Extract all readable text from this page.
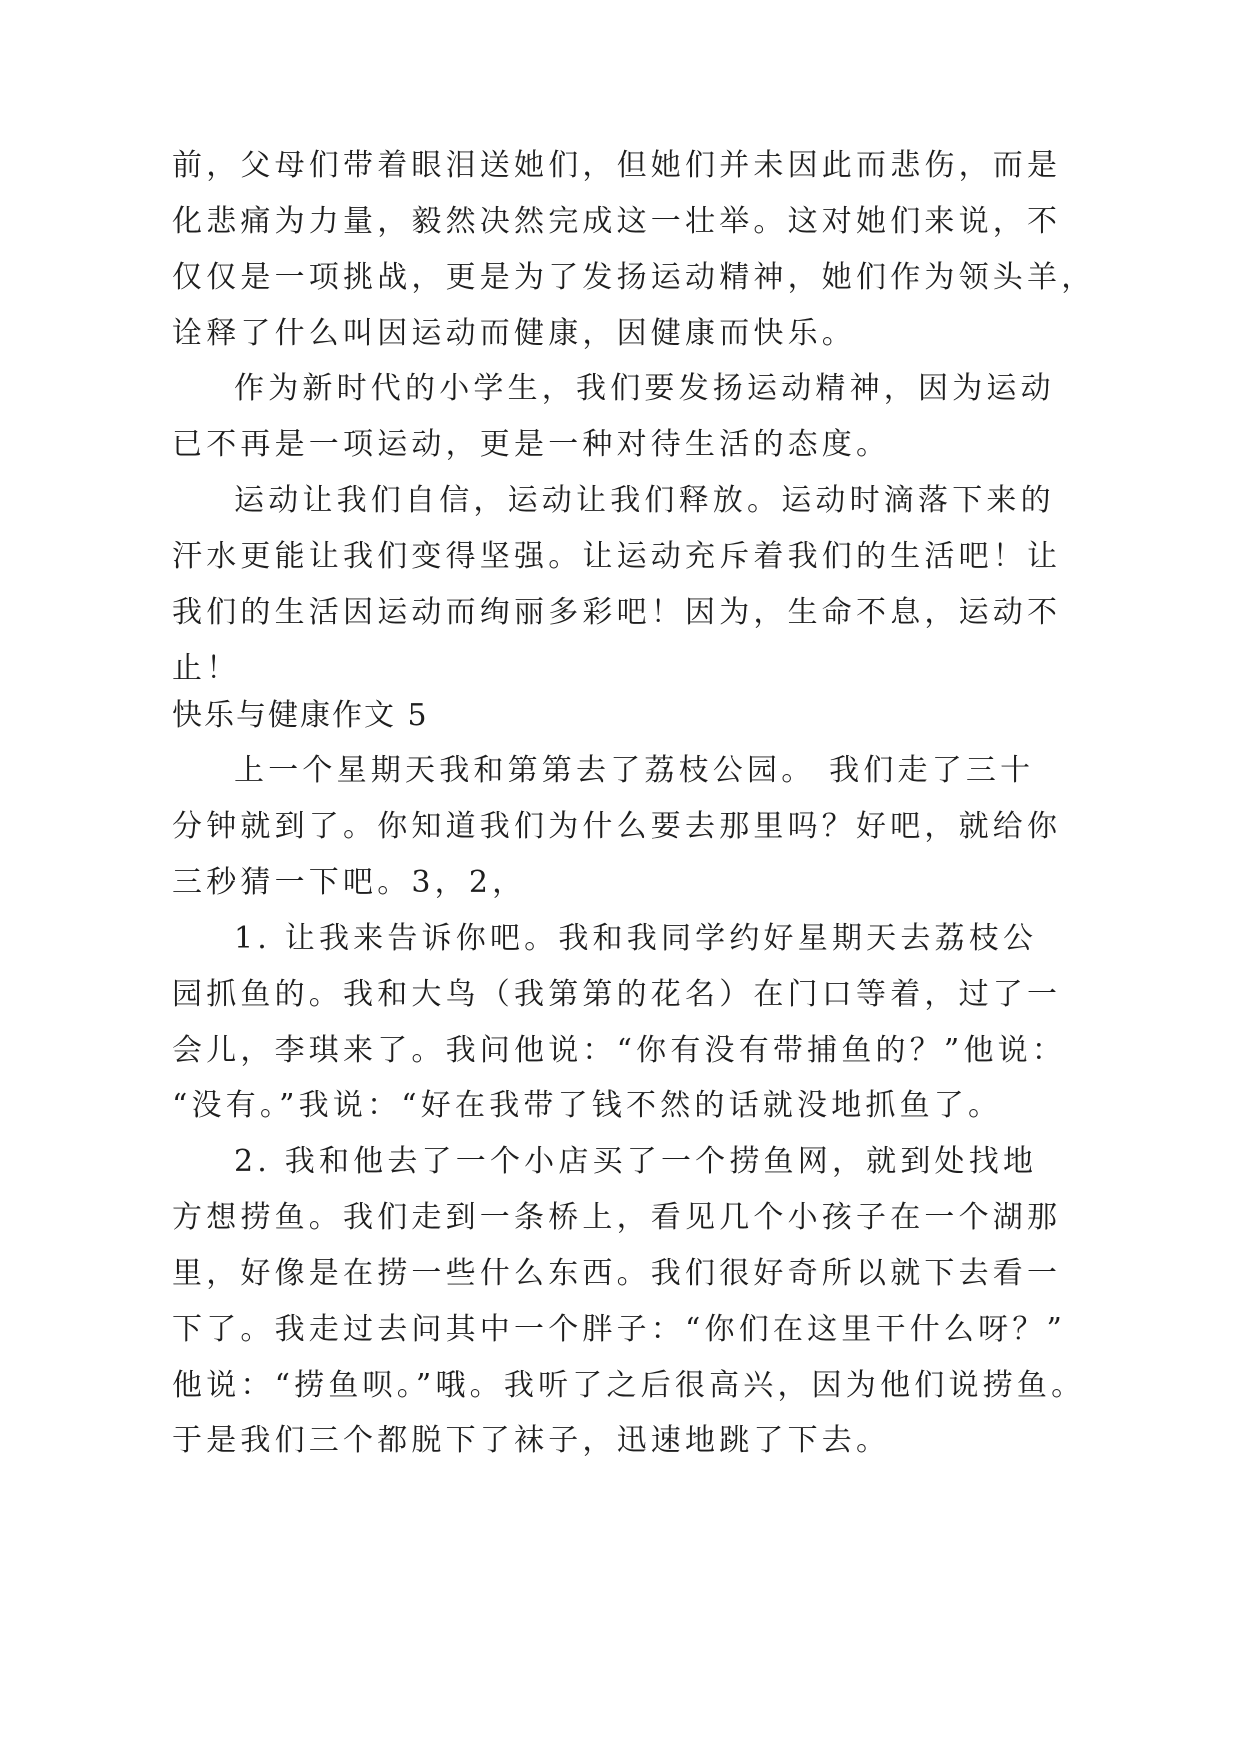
前，父母们带着眼泪送她们，但她们并未因此而悲伤，而是
化悲痛为力量，毅然决然完成这一壮举。这对她们来说，不
仅仅是一项挑战，更是为了发扬运动精神，她们作为领头羊，
诠释了什么叫因运动而健康，因健康而快乐。
作为新时代的小学生，我们要发扬运动精神，因为运动
已不再是一项运动，更是一种对待生活的态度。
运动让我们自信，运动让我们释放。运动时滴落下来的
汗水更能让我们变得坚强。让运动充斥着我们的生活吧！让
我们的生活因运动而绚丽多彩吧！因为，生命不息，运动不
止！
快乐与健康作文 5
上一个星期天我和第第去了荔枝公园。 我们走了三十
分钟就到了。你知道我们为什么要去那里吗？好吧，就给你
三秒猜一下吧。3，2，
1. 让我来告诉你吧。我和我同学约好星期天去荔枝公
园抓鱼的。我和大鸟（我第第的花名）在门口等着，过了一
会儿，李琪来了。我问他说：“你有没有带捕鱼的？”他说：
“没有。”我说：“好在我带了钱不然的话就没地抓鱼了。
2. 我和他去了一个小店买了一个捞鱼网，就到处找地
方想捞鱼。我们走到一条桥上，看见几个小孩子在一个湖那
里，好像是在捞一些什么东西。我们很好奇所以就下去看一
下了。我走过去问其中一个胖子：“你们在这里干什么呀？”
他说：“捞鱼呗。”哦。我听了之后很高兴，因为他们说捞鱼。
于是我们三个都脱下了袜子，迅速地跳了下去。
